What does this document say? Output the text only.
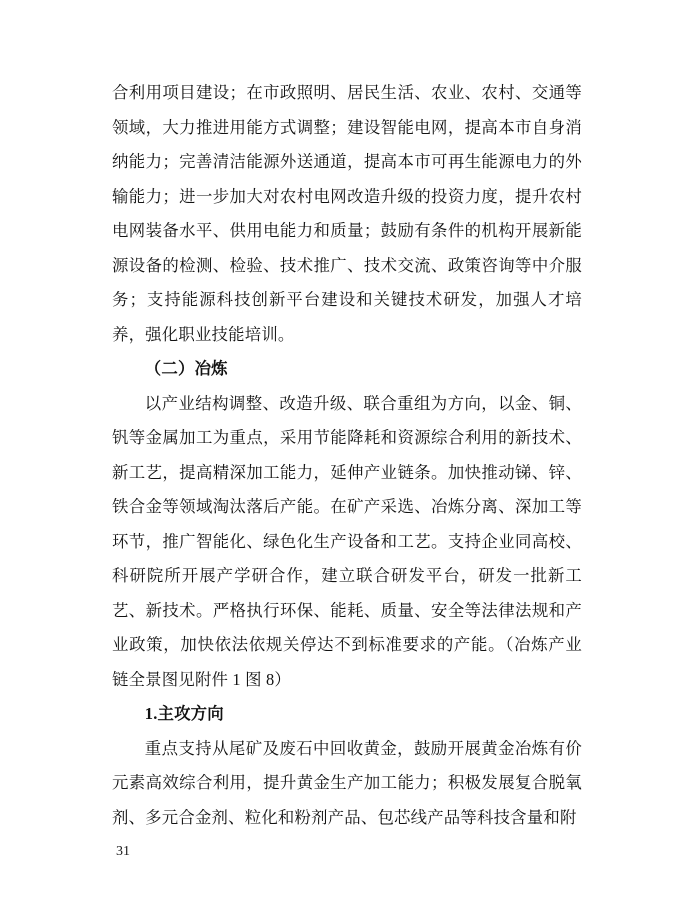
合利用项目建设；在市政照明、居民生活、农业、农村、交通等领域，大力推进用能方式调整；建设智能电网，提高本市自身消纳能力；完善清洁能源外送通道，提高本市可再生能源电力的外输能力；进一步加大对农村电网改造升级的投资力度，提升农村电网装备水平、供用电能力和质量；鼓励有条件的机构开展新能源设备的检测、检验、技术推广、技术交流、政策咨询等中介服务；支持能源科技创新平台建设和关键技术研发，加强人才培养，强化职业技能培训。

（二）冶炼

以产业结构调整、改造升级、联合重组为方向，以金、铜、钒等金属加工为重点，采用节能降耗和资源综合利用的新技术、新工艺，提高精深加工能力，延伸产业链条。加快推动锑、锌、铁合金等领域淘汰落后产能。在矿产采选、冶炼分离、深加工等环节，推广智能化、绿色化生产设备和工艺。支持企业同高校、科研院所开展产学研合作，建立联合研发平台，研发一批新工艺、新技术。严格执行环保、能耗、质量、安全等法律法规和产业政策，加快依法依规关停达不到标准要求的产能。（冶炼产业链全景图见附件 1 图 8）

1.主攻方向

重点支持从尾矿及废石中回收黄金，鼓励开展黄金冶炼有价元素高效综合利用，提升黄金生产加工能力；积极发展复合脱氧剂、多元合金剂、粒化和粉剂产品、包芯线产品等科技含量和附

31
